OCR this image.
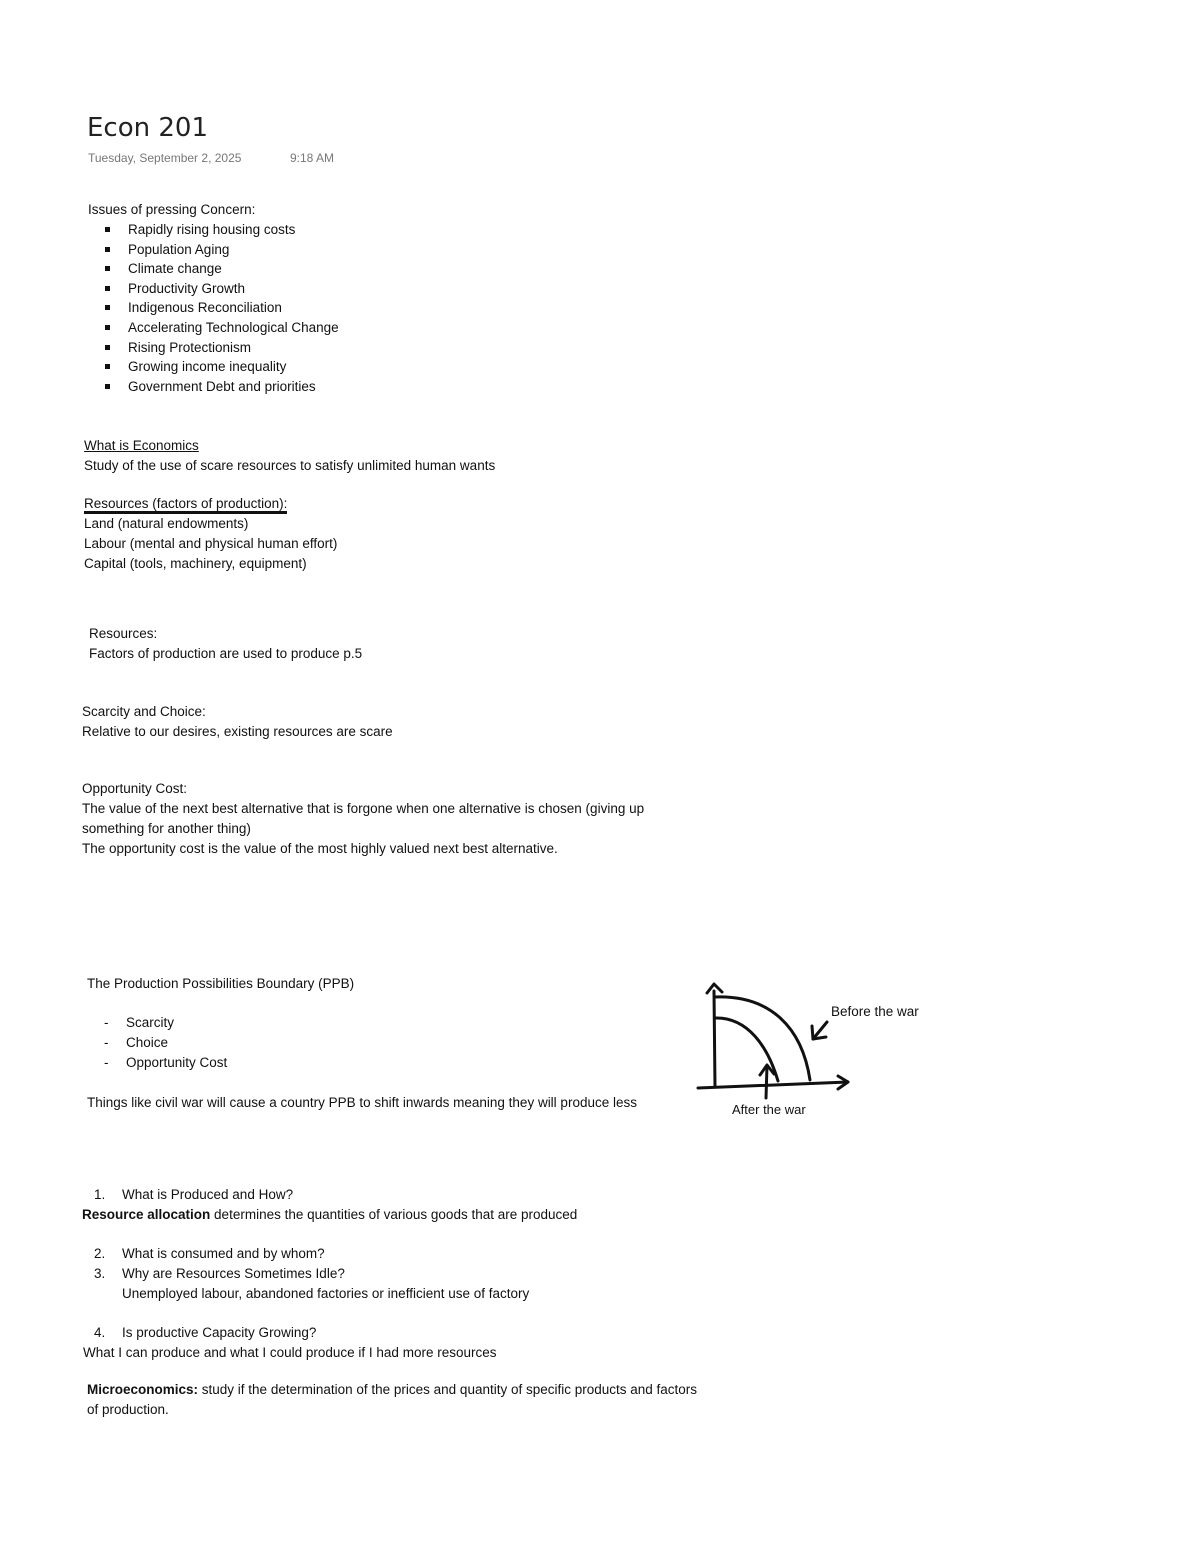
Econ 201
Tuesday, September 2, 2025	9:18 AM
Issues of pressing Concern:
Rapidly rising housing costs
Population Aging
Climate change
Productivity Growth
Indigenous Reconciliation
Accelerating Technological Change
Rising Protectionism
Growing income inequality
Government Debt and priorities
What is Economics
Study of the use of scare resources to satisfy unlimited human wants
Resources (factors of production):
Land (natural endowments)
Labour (mental and physical human effort)
Capital (tools, machinery, equipment)
Resources:
Factors of production are used to produce p.5
Scarcity and Choice:
Relative to our desires, existing resources are scare
Opportunity Cost:
The value of the next best alternative that is forgone when one alternative is chosen (giving up
something for another thing)
The opportunity cost is the value of the most highly valued next best alternative.
The Production Possibilities Boundary (PPB)
- Scarcity
- Choice
- Opportunity Cost
Things like civil war will cause a country PPB to shift inwards meaning they will produce less
Before the war
After the war
1. What is Produced and How?
Resource allocation determines the quantities of various goods that are produced
2. What is consumed and by whom?
3. Why are Resources Sometimes Idle?
Unemployed labour, abandoned factories or inefficient use of factory
4. Is productive Capacity Growing?
What I can produce and what I could produce if I had more resources
Microeconomics: study if the determination of the prices and quantity of specific products and factors
of production.
